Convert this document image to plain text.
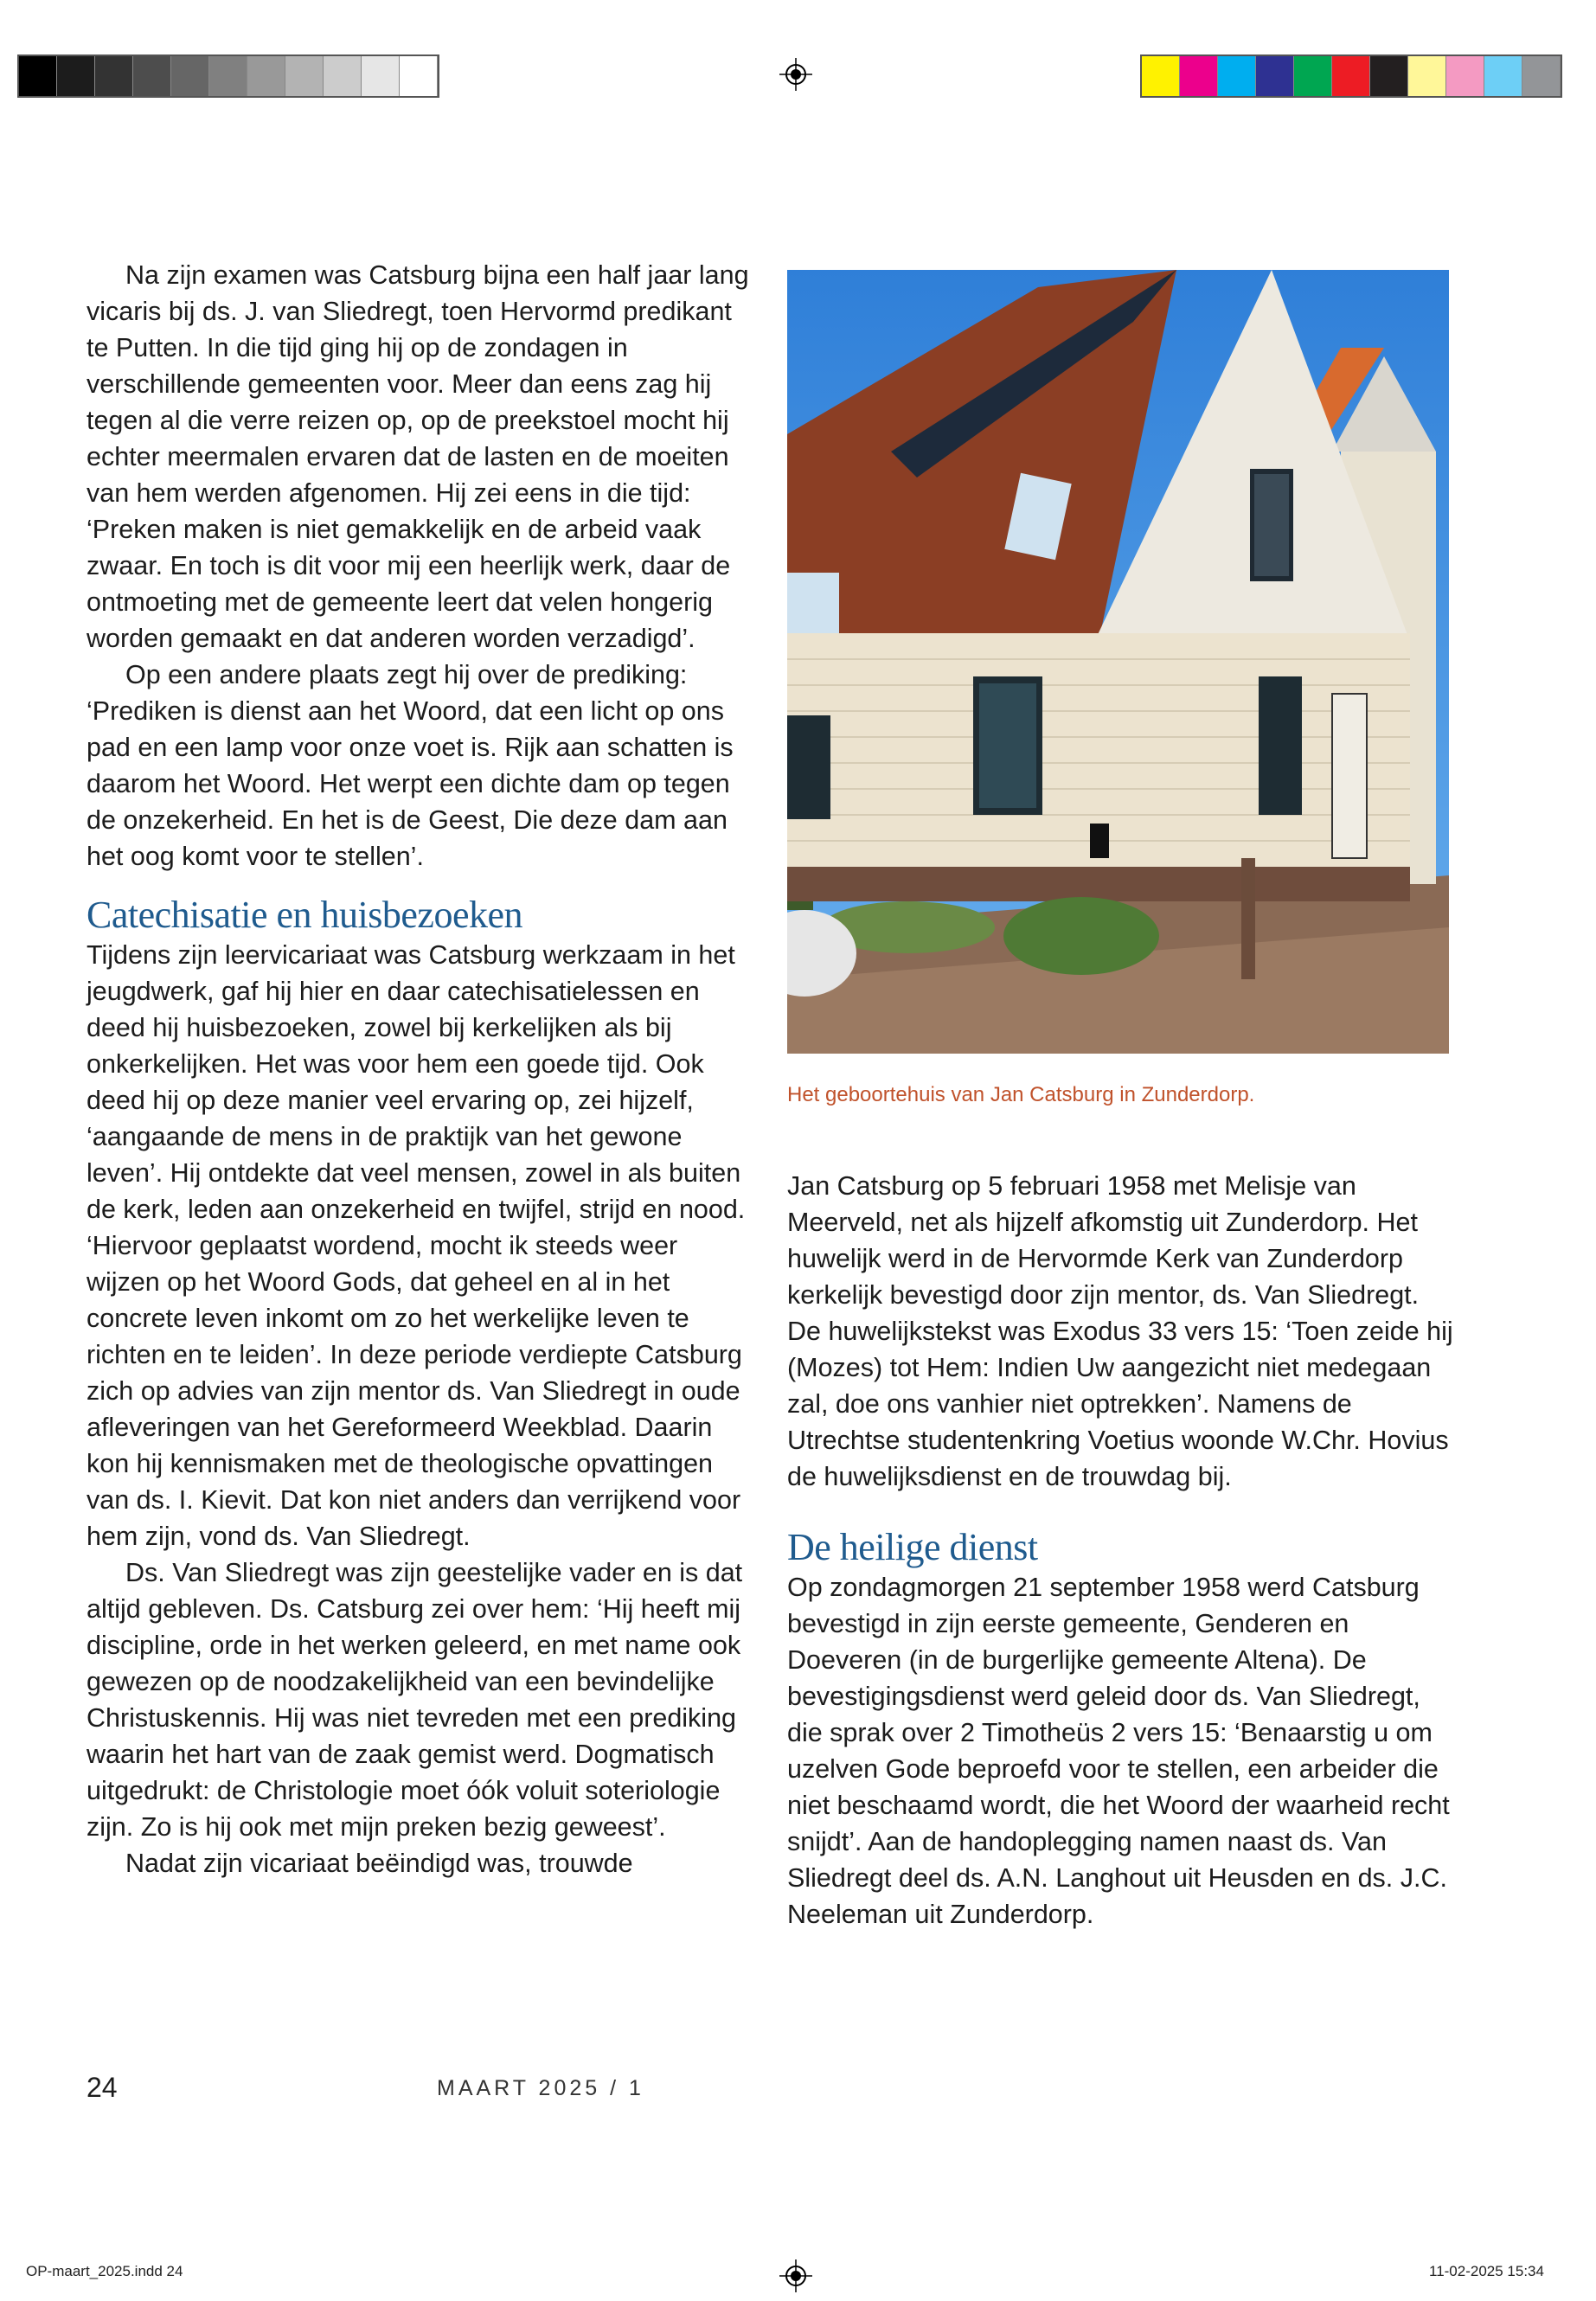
Na zijn examen was Catsburg bijna een half jaar lang vicaris bij ds. J. van Sliedregt, toen Hervormd predikant te Putten. In die tijd ging hij op de zondagen in verschillende gemeenten voor. Meer dan eens zag hij tegen al die verre reizen op, op de preekstoel mocht hij echter meermalen ervaren dat de lasten en de moeiten van hem werden afgenomen. Hij zei eens in die tijd: ‘Preken maken is niet gemakkelijk en de arbeid vaak zwaar. En toch is dit voor mij een heerlijk werk, daar de ontmoeting met de gemeente leert dat velen hongerig worden gemaakt en dat anderen worden verzadigd’.

Op een andere plaats zegt hij over de prediking: ‘Prediken is dienst aan het Woord, dat een licht op ons pad en een lamp voor onze voet is. Rijk aan schatten is daarom het Woord. Het werpt een dichte dam op tegen de onzekerheid. En het is de Geest, Die deze dam aan het oog komt voor te stellen’.

Catechisatie en huisbezoeken

Tijdens zijn leervicariaat was Catsburg werkzaam in het jeugdwerk, gaf hij hier en daar catechisatielessen en deed hij huisbezoeken, zowel bij kerkelijken als bij onkerkelijken. Het was voor hem een goede tijd. Ook deed hij op deze manier veel ervaring op, zei hijzelf, ‘aangaande de mens in de praktijk van het gewone leven’. Hij ontdekte dat veel mensen, zowel in als buiten de kerk, leden aan onzekerheid en twijfel, strijd en nood. ‘Hiervoor geplaatst wordend, mocht ik steeds weer wijzen op het Woord Gods, dat geheel en al in het concrete leven inkomt om zo het werkelijke leven te richten en te leiden’. In deze periode verdiepte Catsburg zich op advies van zijn mentor ds. Van Sliedregt in oude afleveringen van het Gereformeerd Weekblad. Daarin kon hij kennismaken met de theologische opvattingen van ds. I. Kievit. Dat kon niet anders dan verrijkend voor hem zijn, vond ds. Van Sliedregt.

Ds. Van Sliedregt was zijn geestelijke vader en is dat altijd gebleven. Ds. Catsburg zei over hem: ‘Hij heeft mij discipline, orde in het werken geleerd, en met name ook gewezen op de noodzakelijkheid van een bevindelijke Christuskennis. Hij was niet tevreden met een prediking waarin het hart van de zaak gemist werd. Dogmatisch uitgedrukt: de Christologie moet óók voluit soteriologie zijn. Zo is hij ook met mijn preken bezig geweest’.

Nadat zijn vicariaat beëindigd was, trouwde

Het geboortehuis van Jan Catsburg in Zunderdorp.

Jan Catsburg op 5 februari 1958 met Melisje van Meerveld, net als hijzelf afkomstig uit Zunderdorp. Het huwelijk werd in de Hervormde Kerk van Zunderdorp kerkelijk bevestigd door zijn mentor, ds. Van Sliedregt. De huwelijkstekst was Exodus 33 vers 15: ‘Toen zeide hij (Mozes) tot Hem: Indien Uw aangezicht niet medegaan zal, doe ons vanhier niet optrekken’. Namens de Utrechtse studentenkring Voetius woonde W.Chr. Hovius de huwelijksdienst en de trouwdag bij.

De heilige dienst

Op zondagmorgen 21 september 1958 werd Catsburg bevestigd in zijn eerste gemeente, Genderen en Doeveren (in de burgerlijke gemeente Altena). De bevestigingsdienst werd geleid door ds. Van Sliedregt, die sprak over 2 Timotheüs 2 vers 15: ‘Benaarstig u om uzelven Gode beproefd voor te stellen, een arbeider die niet beschaamd wordt, die het Woord der waarheid recht snijdt’. Aan de handoplegging namen naast ds. Van Sliedregt deel ds. A.N. Langhout uit Heusden en ds. J.C. Neeleman uit Zunderdorp.

24	MAART 2025 / 1
OP-maart_2025.indd 24	11-02-2025 15:34
